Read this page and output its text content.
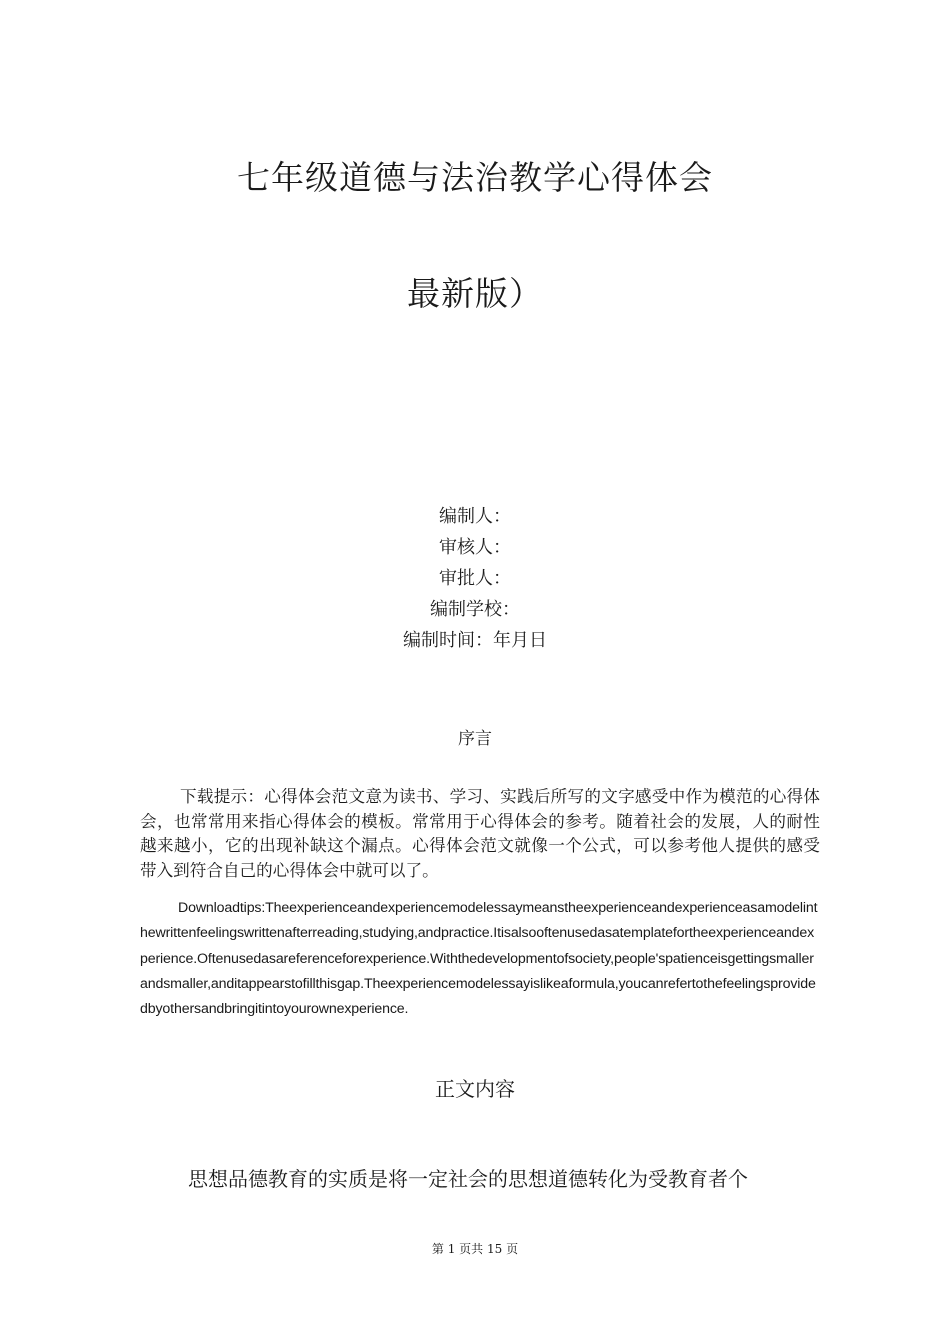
七年级道德与法治教学心得体会
最新版）
编制人：
审核人：
审批人：
编制学校：
编制时间：年月日
序言
下载提示：心得体会范文意为读书、学习、实践后所写的文字感受中作为模范的心得体会，也常常用来指心得体会的模板。常常用于心得体会的参考。随着社会的发展，人的耐性越来越小，它的出现补缺这个漏点。心得体会范文就像一个公式，可以参考他人提供的感受带入到符合自己的心得体会中就可以了。
Downloadtips:Theexperienceandexperiencemodelessaymeanstheexperienceandexperienceasamodelinthewrittenfeelingswrittenafterreading,studying,andpractice.Itisalsooftenusedasatemplatefortheexperienceandexperience.Oftenusedasareferenceforexperience.Withthedevelopmentofsociety,people'spatienceisgettingsmallerandsmaller,anditappearstofillthisgap.Theexperiencemodelessayislikeaformula,youcanrefertothefeelingsprovidedbyothersandbringitintoyourownexperience.
正文内容
思想品德教育的实质是将一定社会的思想道德转化为受教育者个
第 1 页共 15 页
